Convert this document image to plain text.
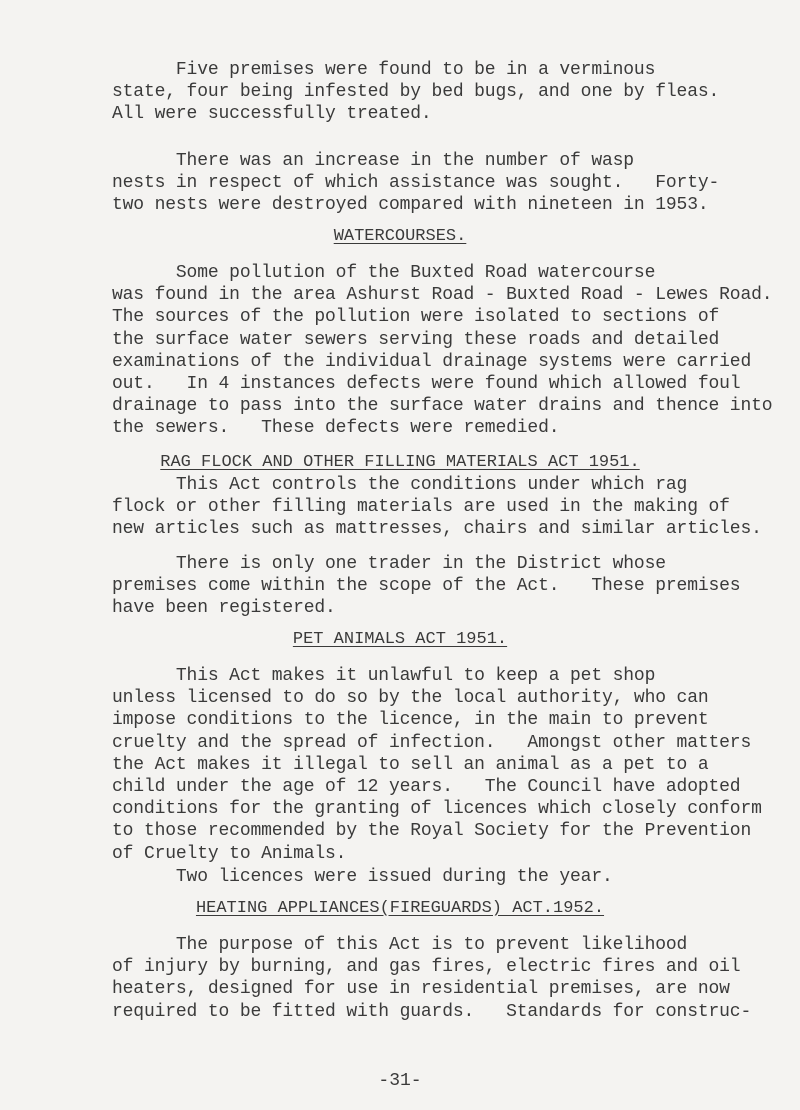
Five premises were found to be in a verminous
state, four being infested by bed bugs, and one by fleas.
All were successfully treated.

There was an increase in the number of wasp
nests in respect of which assistance was sought.   Forty-
two nests were destroyed compared with nineteen in 1953.

WATERCOURSES.

Some pollution of the Buxted Road watercourse
was found in the area Ashurst Road - Buxted Road - Lewes Road.
The sources of the pollution were isolated to sections of
the surface water sewers serving these roads and detailed
examinations of the individual drainage systems were carried
out.   In 4 instances defects were found which allowed foul
drainage to pass into the surface water drains and thence into
the sewers.   These defects were remedied.

RAG FLOCK AND OTHER FILLING MATERIALS ACT 1951.

This Act controls the conditions under which rag
flock or other filling materials are used in the making of
new articles such as mattresses, chairs and similar articles.

There is only one trader in the District whose
premises come within the scope of the Act.   These premises
have been registered.

PET ANIMALS ACT 1951.

This Act makes it unlawful to keep a pet shop
unless licensed to do so by the local authority, who can
impose conditions to the licence, in the main to prevent
cruelty and the spread of infection.   Amongst other matters
the Act makes it illegal to sell an animal as a pet to a
child under the age of 12 years.   The Council have adopted
conditions for the granting of licences which closely conform
to those recommended by the Royal Society for the Prevention
of Cruelty to Animals.

Two licences were issued during the year.

HEATING APPLIANCES(FIREGUARDS) ACT.1952.

The purpose of this Act is to prevent likelihood
of injury by burning, and gas fires, electric fires and oil
heaters, designed for use in residential premises, are now
required to be fitted with guards.   Standards for construc-

-31-
